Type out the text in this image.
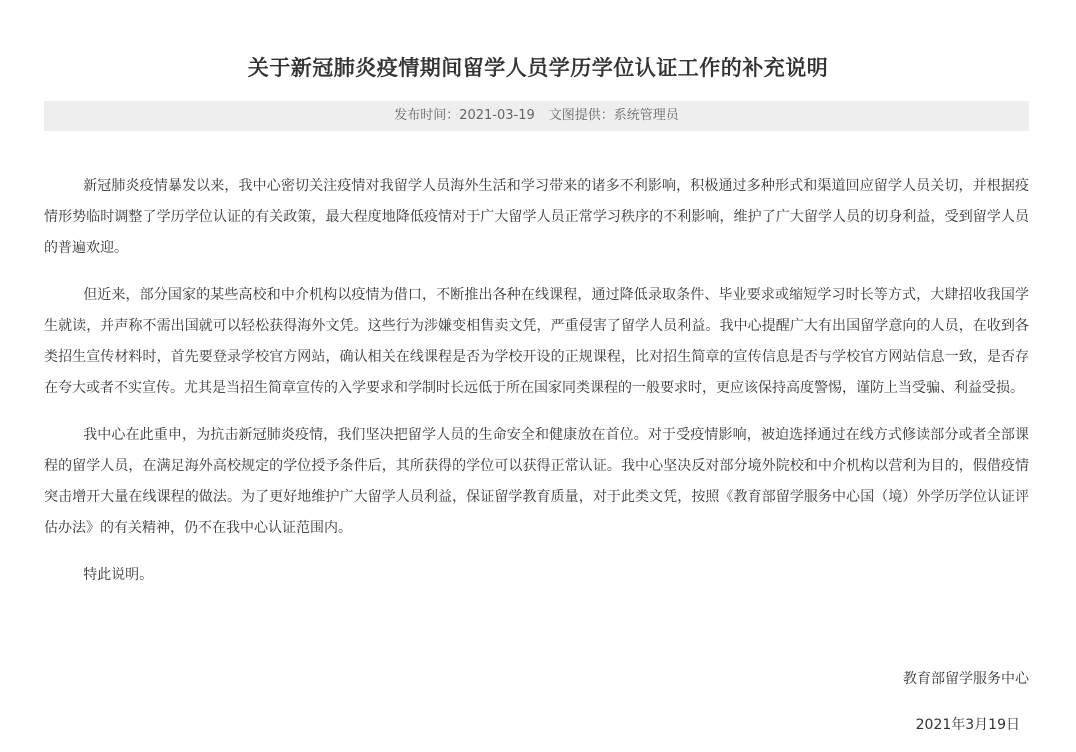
关于新冠肺炎疫情期间留学人员学历学位认证工作的补充说明
发布时间：2021-03-19 文图提供：系统管理员

新冠肺炎疫情暴发以来，我中心密切关注疫情对我留学人员海外生活和学习带来的诸多不利影响，积极通过多种形式和渠道回应留学人员关切，并根据疫情形势临时调整了学历学位认证的有关政策，最大程度地降低疫情对于广大留学人员正常学习秩序的不利影响，维护了广大留学人员的切身利益，受到留学人员的普遍欢迎。

但近来，部分国家的某些高校和中介机构以疫情为借口，不断推出各种在线课程，通过降低录取条件、毕业要求或缩短学习时长等方式，大肆招收我国学生就读，并声称不需出国就可以轻松获得海外文凭。这些行为涉嫌变相售卖文凭，严重侵害了留学人员利益。我中心提醒广大有出国留学意向的人员，在收到各类招生宣传材料时，首先要登录学校官方网站，确认相关在线课程是否为学校开设的正规课程，比对招生简章的宣传信息是否与学校官方网站信息一致，是否存在夸大或者不实宣传。尤其是当招生简章宣传的入学要求和学制时长远低于所在国家同类课程的一般要求时，更应该保持高度警惕，谨防上当受骗、利益受损。

我中心在此重申，为抗击新冠肺炎疫情，我们坚决把留学人员的生命安全和健康放在首位。对于受疫情影响，被迫选择通过在线方式修读部分或者全部课程的留学人员，在满足海外高校规定的学位授予条件后，其所获得的学位可以获得正常认证。我中心坚决反对部分境外院校和中介机构以营利为目的，假借疫情突击增开大量在线课程的做法。为了更好地维护广大留学人员利益，保证留学教育质量，对于此类文凭，按照《教育部留学服务中心国（境）外学历学位认证评估办法》的有关精神，仍不在我中心认证范围内。

特此说明。

教育部留学服务中心
2021年3月19日
